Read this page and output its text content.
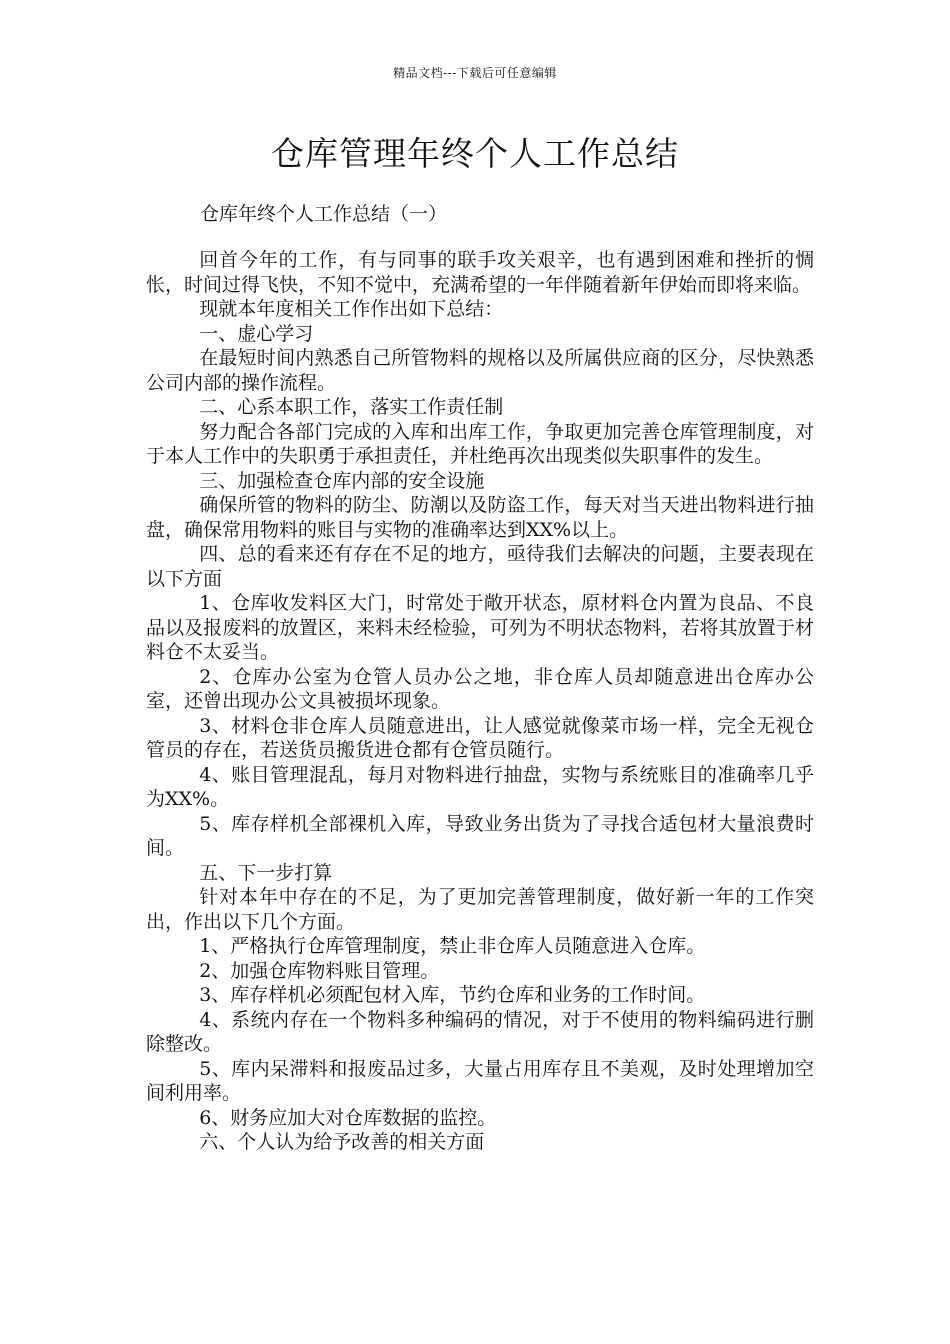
精品文档---下载后可任意编辑
仓库管理年终个人工作总结
仓库年终个人工作总结（一）

回首今年的工作，有与同事的联手攻关艰辛，也有遇到困难和挫折的惆怅，时间过得飞快，不知不觉中，充满希望的一年伴随着新年伊始而即将来临。

现就本年度相关工作作出如下总结：

一、虚心学习

在最短时间内熟悉自己所管物料的规格以及所属供应商的区分，尽快熟悉公司内部的操作流程。

二、心系本职工作，落实工作责任制

努力配合各部门完成的入库和出库工作，争取更加完善仓库管理制度，对于本人工作中的失职勇于承担责任，并杜绝再次出现类似失职事件的发生。

三、加强检查仓库内部的安全设施

确保所管的物料的防尘、防潮以及防盗工作，每天对当天进出物料进行抽盘，确保常用物料的账目与实物的准确率达到XX%以上。

四、总的看来还有存在不足的地方，亟待我们去解决的问题，主要表现在以下方面

1、仓库收发料区大门，时常处于敞开状态，原材料仓内置为良品、不良品以及报废料的放置区，来料未经检验，可列为不明状态物料，若将其放置于材料仓不太妥当。

2、仓库办公室为仓管人员办公之地，非仓库人员却随意进出仓库办公室，还曾出现办公文具被损坏现象。

3、材料仓非仓库人员随意进出，让人感觉就像菜市场一样，完全无视仓管员的存在，若送货员搬货进仓都有仓管员随行。

4、账目管理混乱，每月对物料进行抽盘，实物与系统账目的准确率几乎为XX%。

5、库存样机全部裸机入库，导致业务出货为了寻找合适包材大量浪费时间。

五、下一步打算

针对本年中存在的不足，为了更加完善管理制度，做好新一年的工作突出，作出以下几个方面。

1、严格执行仓库管理制度，禁止非仓库人员随意进入仓库。

2、加强仓库物料账目管理。

3、库存样机必须配包材入库，节约仓库和业务的工作时间。

4、系统内存在一个物料多种编码的情况，对于不使用的物料编码进行删除整改。

5、库内呆滞料和报废品过多，大量占用库存且不美观，及时处理增加空间利用率。

6、财务应加大对仓库数据的监控。

六、个人认为给予改善的相关方面
